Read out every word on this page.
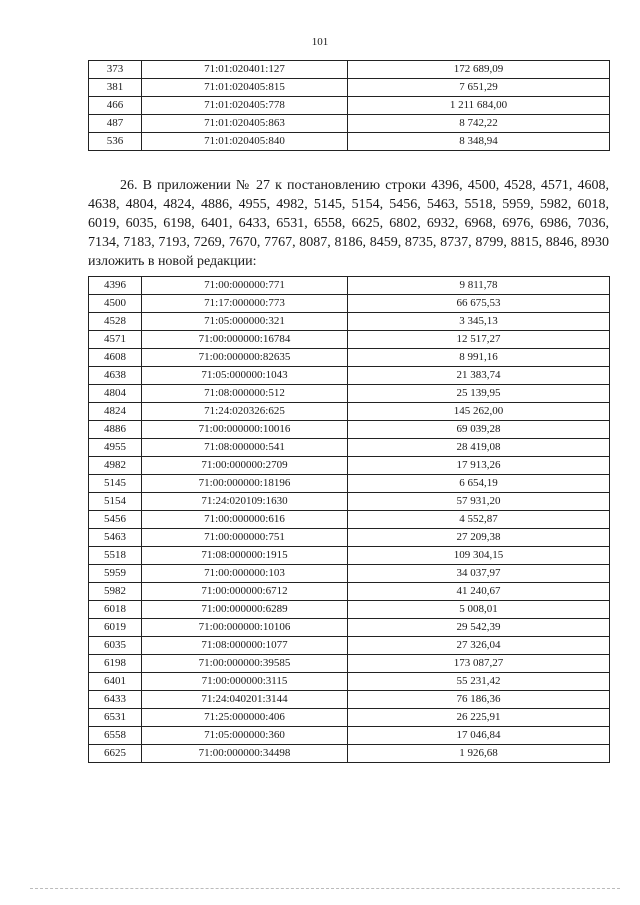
101
373	71:01:020401:127	172 689,09
381	71:01:020405:815	7 651,29
466	71:01:020405:778	1 211 684,00
487	71:01:020405:863	8 742,22
536	71:01:020405:840	8 348,94

26. В приложении № 27 к постановлению строки 4396, 4500, 4528, 4571, 4608, 4638, 4804, 4824, 4886, 4955, 4982, 5145, 5154, 5456, 5463, 5518, 5959, 5982, 6018, 6019, 6035, 6198, 6401, 6433, 6531, 6558, 6625, 6802, 6932, 6968, 6976, 6986, 7036, 7134, 7183, 7193, 7269, 7670, 7767, 8087, 8186, 8459, 8735, 8737, 8799, 8815, 8846, 8930 изложить в новой редакции:

4396	71:00:000000:771	9 811,78
4500	71:17:000000:773	66 675,53
4528	71:05:000000:321	3 345,13
4571	71:00:000000:16784	12 517,27
4608	71:00:000000:82635	8 991,16
4638	71:05:000000:1043	21 383,74
4804	71:08:000000:512	25 139,95
4824	71:24:020326:625	145 262,00
4886	71:00:000000:10016	69 039,28
4955	71:08:000000:541	28 419,08
4982	71:00:000000:2709	17 913,26
5145	71:00:000000:18196	6 654,19
5154	71:24:020109:1630	57 931,20
5456	71:00:000000:616	4 552,87
5463	71:00:000000:751	27 209,38
5518	71:08:000000:1915	109 304,15
5959	71:00:000000:103	34 037,97
5982	71:00:000000:6712	41 240,67
6018	71:00:000000:6289	5 008,01
6019	71:00:000000:10106	29 542,39
6035	71:08:000000:1077	27 326,04
6198	71:00:000000:39585	173 087,27
6401	71:00:000000:3115	55 231,42
6433	71:24:040201:3144	76 186,36
6531	71:25:000000:406	26 225,91
6558	71:05:000000:360	17 046,84
6625	71:00:000000:34498	1 926,68
